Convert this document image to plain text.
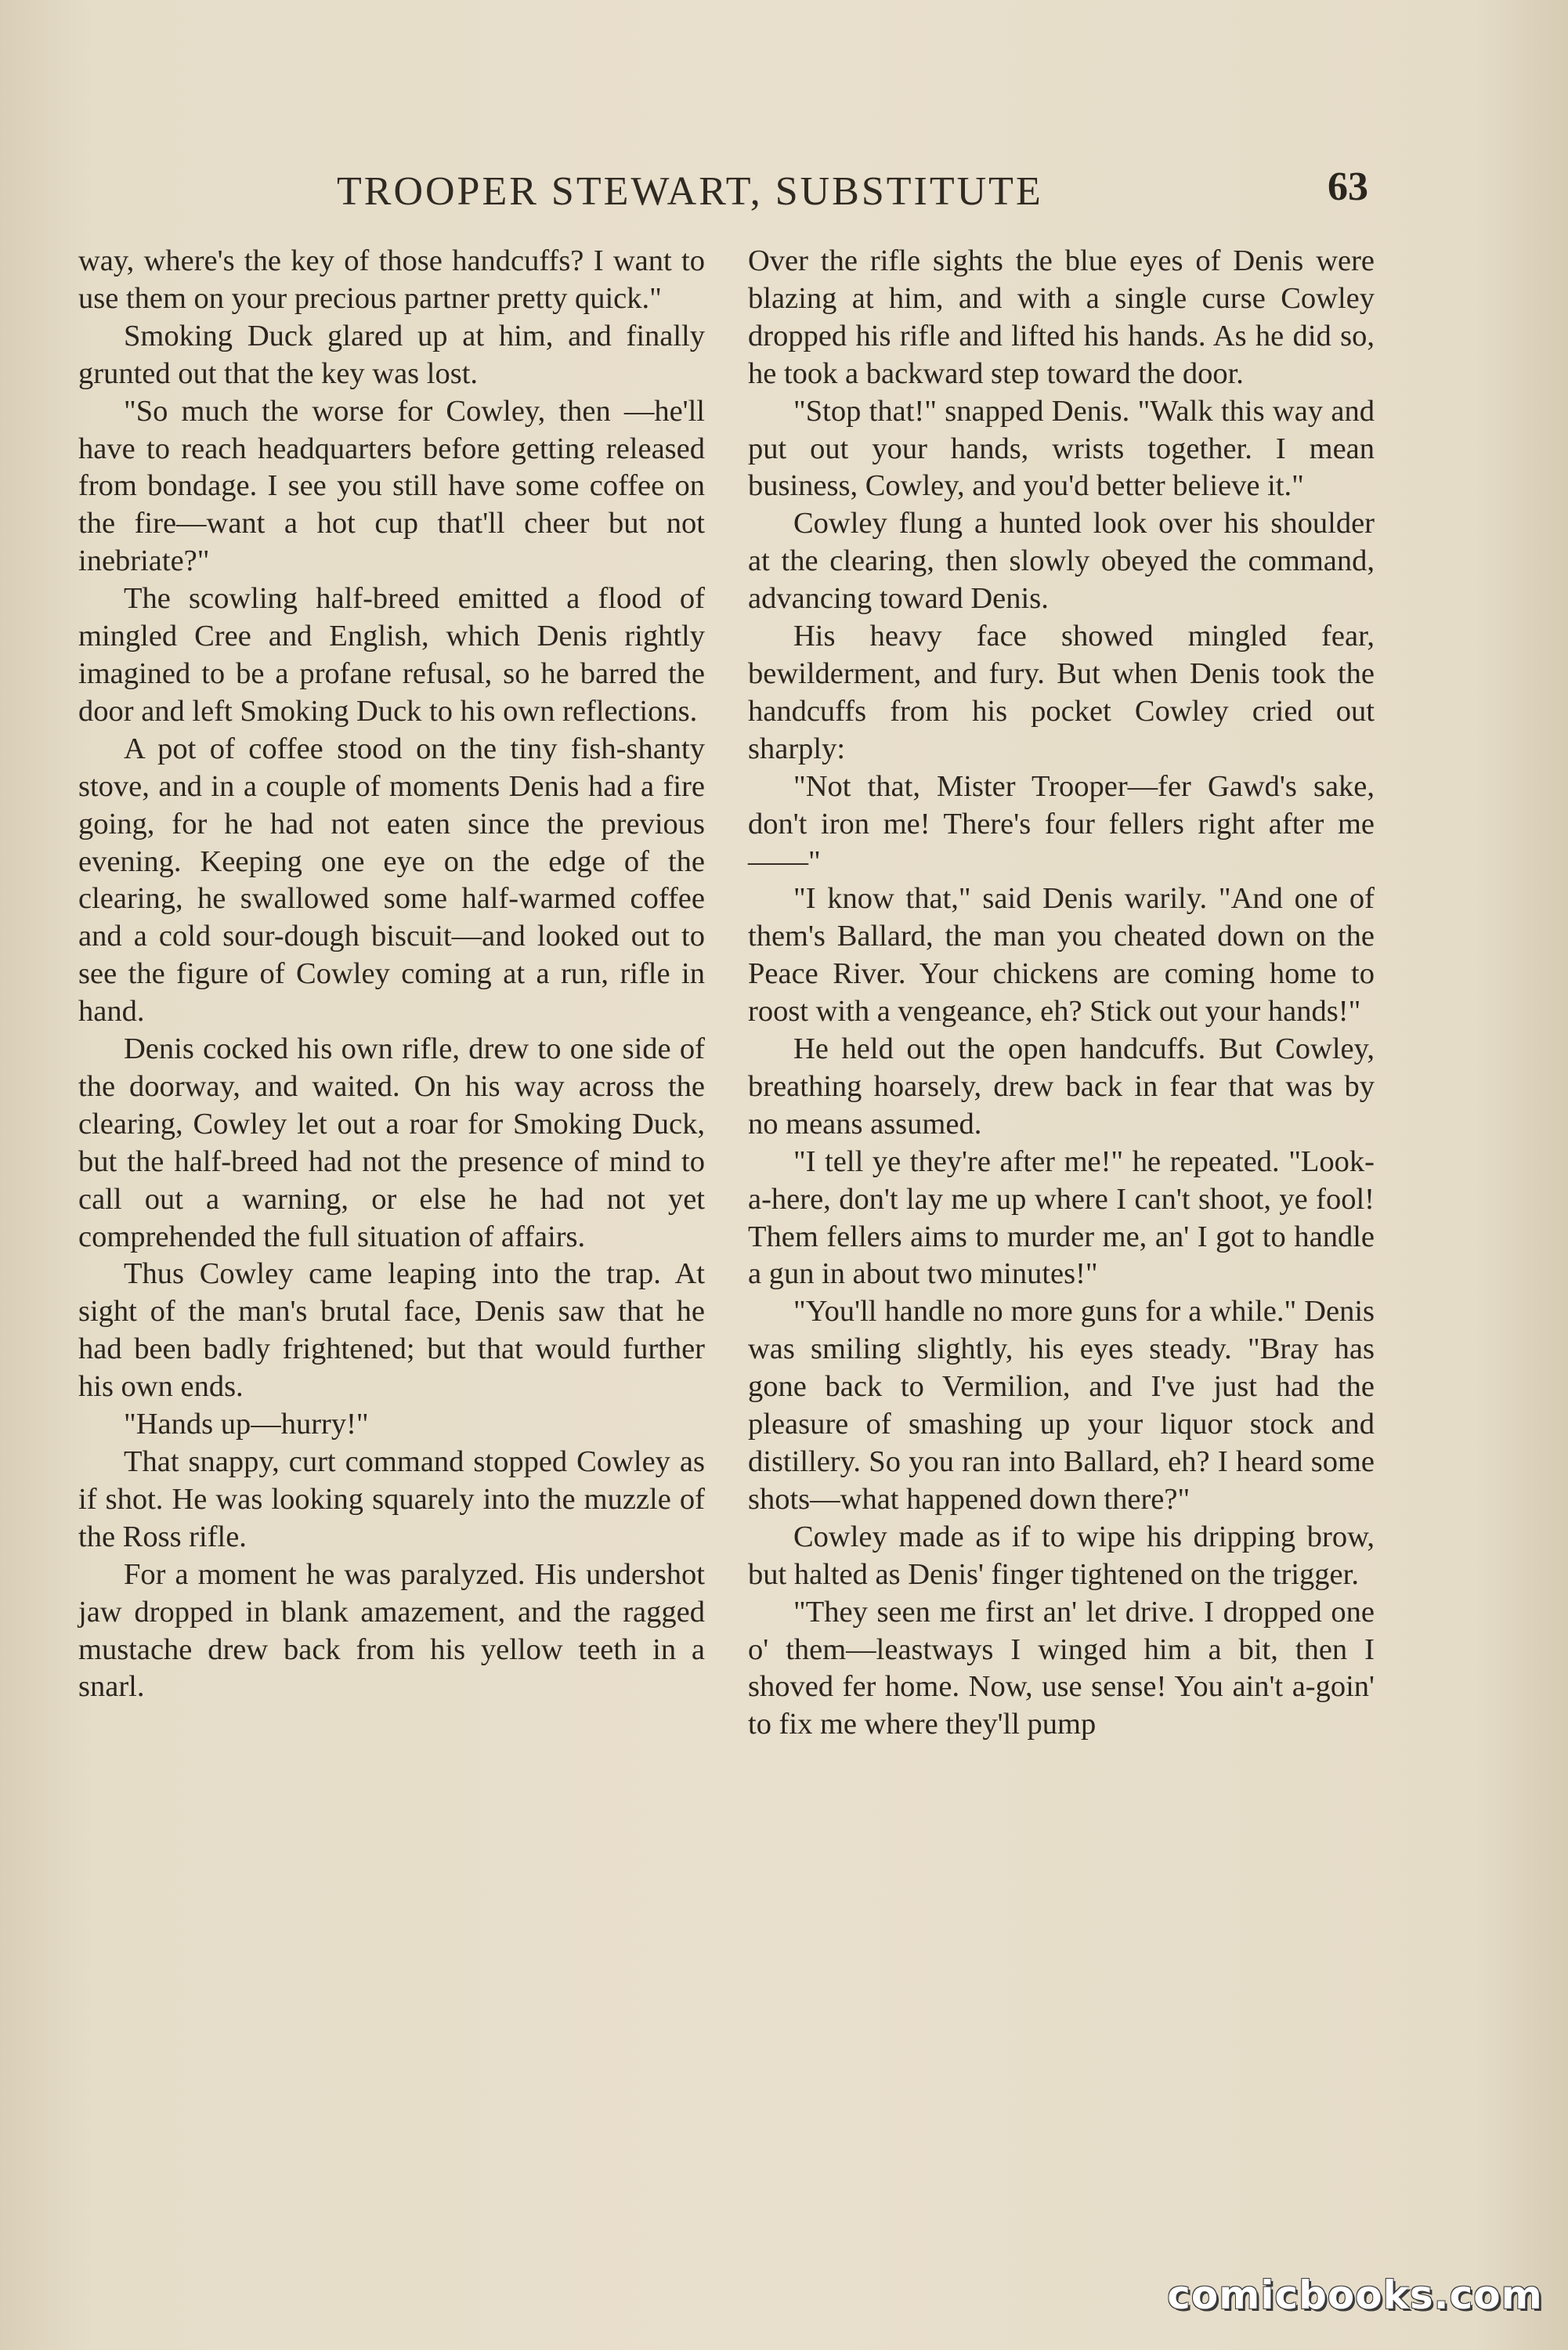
TROOPER STEWART, SUBSTITUTE	63

way, where's the key of those handcuffs? I want to use them on your precious partner pretty quick."

Smoking Duck glared up at him, and finally grunted out that the key was lost.

"So much the worse for Cowley, then —he'll have to reach headquarters before getting released from bondage. I see you still have some coffee on the fire—want a hot cup that'll cheer but not inebriate?"

The scowling half-breed emitted a flood of mingled Cree and English, which Denis rightly imagined to be a profane refusal, so he barred the door and left Smoking Duck to his own reflections.

A pot of coffee stood on the tiny fish-shanty stove, and in a couple of moments Denis had a fire going, for he had not eaten since the previous evening. Keeping one eye on the edge of the clearing, he swallowed some half-warmed coffee and a cold sour-dough biscuit—and looked out to see the figure of Cowley coming at a run, rifle in hand.

Denis cocked his own rifle, drew to one side of the doorway, and waited. On his way across the clearing, Cowley let out a roar for Smoking Duck, but the half-breed had not the presence of mind to call out a warning, or else he had not yet comprehended the full situation of affairs.

Thus Cowley came leaping into the trap. At sight of the man's brutal face, Denis saw that he had been badly frightened; but that would further his own ends.

"Hands up—hurry!"

That snappy, curt command stopped Cowley as if shot. He was looking squarely into the muzzle of the Ross rifle.

For a moment he was paralyzed. His undershot jaw dropped in blank amazement, and the ragged mustache drew back from his yellow teeth in a snarl.

Over the rifle sights the blue eyes of Denis were blazing at him, and with a single curse Cowley dropped his rifle and lifted his hands. As he did so, he took a backward step toward the door.

"Stop that!" snapped Denis. "Walk this way and put out your hands, wrists together. I mean business, Cowley, and you'd better believe it."

Cowley flung a hunted look over his shoulder at the clearing, then slowly obeyed the command, advancing toward Denis.

His heavy face showed mingled fear, bewilderment, and fury. But when Denis took the handcuffs from his pocket Cowley cried out sharply:

"Not that, Mister Trooper—fer Gawd's sake, don't iron me! There's four fellers right after me——"

"I know that," said Denis warily. "And one of them's Ballard, the man you cheated down on the Peace River. Your chickens are coming home to roost with a vengeance, eh? Stick out your hands!"

He held out the open handcuffs. But Cowley, breathing hoarsely, drew back in fear that was by no means assumed.

"I tell ye they're after me!" he repeated. "Look-a-here, don't lay me up where I can't shoot, ye fool! Them fellers aims to murder me, an' I got to handle a gun in about two minutes!"

"You'll handle no more guns for a while." Denis was smiling slightly, his eyes steady. "Bray has gone back to Vermilion, and I've just had the pleasure of smashing up your liquor stock and distillery. So you ran into Ballard, eh? I heard some shots—what happened down there?"

Cowley made as if to wipe his dripping brow, but halted as Denis' finger tightened on the trigger.

"They seen me first an' let drive. I dropped one o' them—leastways I winged him a bit, then I shoved fer home. Now, use sense! You ain't a-goin' to fix me where they'll pump

comicbooks.com
